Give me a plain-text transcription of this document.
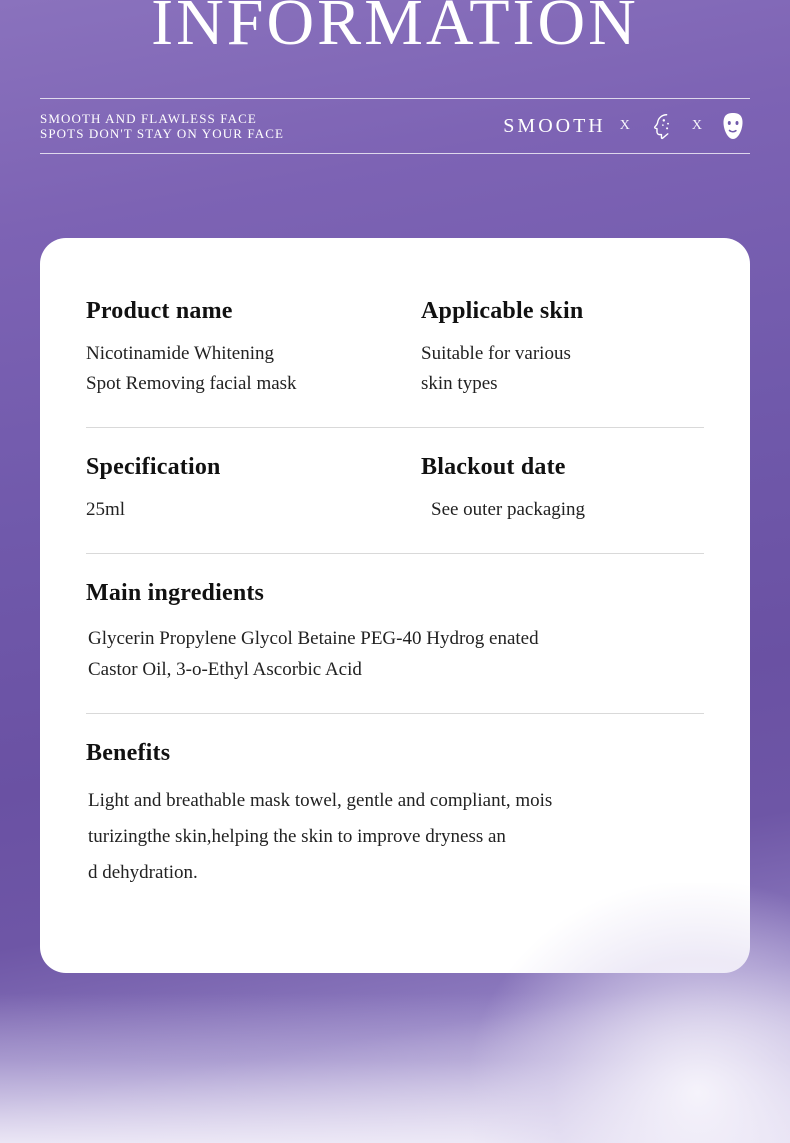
INFORMATION
SMOOTH AND FLAWLESS FACE
SPOTS DON'T STAY ON YOUR FACE	SMOOTH X	X
Product name
Nicotinamide Whitening
Spot Removing facial mask
Applicable skin
Suitable for various
skin types
Specification
25ml
Blackout date
See outer packaging
Main ingredients
Glycerin Propylene Glycol Betaine PEG-40 Hydrog enated
Castor Oil, 3-o-Ethyl Ascorbic Acid
Benefits
Light and breathable mask towel, gentle and compliant, mois
turizingthe skin,helping the skin to improve dryness an
d dehydration.
